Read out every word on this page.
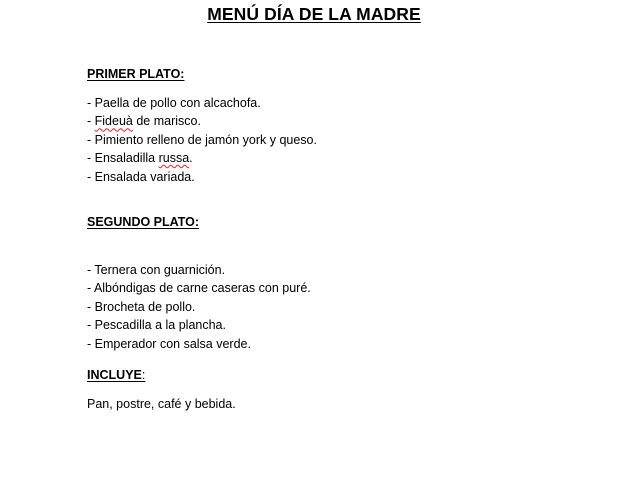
MENÚ DÍA DE LA MADRE
PRIMER PLATO:
- Paella de pollo con alcachofa.
- Fideuà de marisco.
- Pimiento relleno de jamón york y queso.
- Ensaladilla russa.
- Ensalada variada.
SEGUNDO PLATO:
- Ternera con guarnición.
- Albóndigas de carne caseras con puré.
- Brocheta de pollo.
- Pescadilla a la plancha.
- Emperador con salsa verde.
INCLUYE:
Pan, postre, café y bebida.
